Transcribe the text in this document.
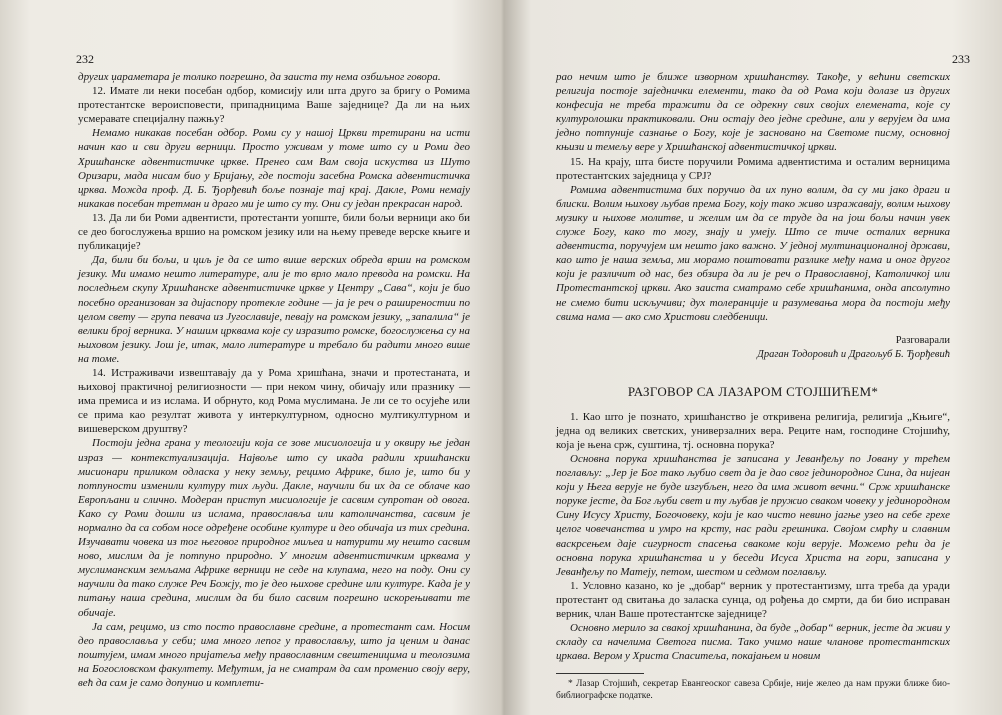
232

других џараметара је толико погрешно, да заиста ту нема озбиљног говора.

12. Имате ли неки посебан одбор, комисију или шта друго за бригу о Ромима протестантске вероисповести, припадницима Ваше заједнице? Да ли на њих усмеравате специјалну пажњу?

Немамо никакав посебан одбор. Роми су у нашој Цркви третирани на исти начин као и сви други верници. Просто уживам у томе што су и Роми део Хришћанске адвентистичке цркве. Пренео сам Вам своја искуства из Шуто Оризари, мада нисам био у Бријању, где постоји засебна Ромска адвентистичка црква. Можда проф. Д. Б. Ђорђевић боље познаје тај крај. Дакле, Роми немају никакав посебан третман и драго ми је што су ту. Они су један прекрасан народ.

13. Да ли би Роми адвентисти, протестанти уопште, били бољи верници ако би се део богослужења вршио на ромском језику или на њему преведе верске књиге и публикације?

Да, били би бољи, и циљ је да се што више верских обреда врши на ромском језику. Ми имамо нешто литературе, али је то врло мало превода на ромски. На последњем скупу Хришћанске адвентистичке цркве у Центру „Сава“, који је био посебно организован за дијаспору протекле године — ја је реч о раширеностии по целом свету — група певача из Југославије, певају на ромском језику, „запалила“ је велики број верника. У нашим црквама које су изразито ромске, богослужења су на њиховом језику. Још је, итак, мало литературе и требало би радити много више на томе.

14. Истраживачи извештавају да у Рома хришћана, значи и протестаната, и њиховој практичној религиозности — при неком чину, обичају или празнику — има премиса и из ислама. И обрнуто, код Рома муслимана. Је ли се то осујеће или се прима као резултат живота у интеркултурном, односно мултикултурном и вишеверском друштву?

Постоји једна грана у теологији која се зове мисиологија и у оквиру ње један израз — контекстуализација. Највоље што су икада радили хришћански мисионари приликом одласка у неку земљу, рецимо Африке, било је, што би у потпуности изменили културу тих људи. Дакле, научили би их да се облаче као Европљани и слично. Модеран приступ мисиологије је сасвим супротан од овога. Како су Роми дошли из ислама, православља или католичанства, сасвим је нормално да са собом носе одређене особине културе и део обичаја из тих средина. Изучавати човека из тог његовог природног миљеа и натурити му нешто сасвим ново, мислим да је потпуно природно. У многим адвентистичким црквама у муслиманским земљама Африке верници не седе на клупама, него на поду. Они су научили да тако служе Реч Божју, то је део њихове средине или културе. Када је у питању наша средина, мислим да би било сасвим погрешно искорењивати те обичаје.

Ја сам, рецимо, из сто посто православне средине, а протестант сам. Носим део православља у себи; има много лепог у православљу, што ја ценим и данас поштујем, имам много пријатеља међу православним свештеницима и теолозима на Богословском факултету. Међутим, ја не сматрам да сам променио своју веру, већ да сам је само допунио и комплети-

233

рао нечим што је ближе изворном хришћанству. Такође, у већини светских религија постоје заједнички елементи, тако да од Рома који долазе из других конфесија не треба тражити да се одрекну свих својих елемената, које су културолошки практиковали. Они остају део једне средине, али у верујем да има једно потпуније сазнање о Богу, које је засновано на Светоме писму, основној књизи и темељу вере у Хришћанској адвентистичкој цркви.

15. На крају, шта бисте поручили Ромима адвентистима и осталим верницима протестантских заједница у СРЈ?

Ромима адвентистима бих поручио да их пуно волим, да су ми јако драги и блиски. Волим њихову љубав према Богу, коју тако живо изражавају, волим њихову музику и њихове молитве, и желим им да се труде да на још бољи начин увек служе Богу, како то могу, знају и умеју. Што се тиче осталих верника адвентиста, поручујем им нешто јако важно. У једној мултинационалној држави, као што је наша земља, ми морамо поштовати разлике међу нама и оног другог који је различит од нас, без обзира да ли је реч о Православној, Католичкој или Протестантској цркви. Ако заиста сматрамо себе хришћанима, онда апсолутно не смемо бити искључиви; дух толеранције и разумевања мора да постоји међу свима нама — ако смо Христови следбеници.

Разговарали

Драган Тодоровић и Драгољуб Б. Ђорђевић

РАЗГОВОР СА ЛАЗАРОМ СТОЈШИЋЕМ*

1. Као што је познато, хришћанство је откривена религија, религија „Књиге“, једна од великих светских, универзалних вера. Реците нам, господине Стојшићу, која је њена срж, суштина, тј. основна порука?

Основна порука хришћанства је записана у Јеванђељу по Јовану у трећем поглављу: „Јер је Бог тако љубио свет да је дао свог јединородног Сина, да нијеан који у Њега верује не буде изгубљен, него да има живот вечни.“ Срж хришћанске поруке јесте, да Бог љуби свет и ту љубав је пружио сваком човеку у јединородном Сину Исусу Христу, Богочовеку, који је као чисто невино јагње узео на себе грехе целог човечанства и умро на крсту, нас ради грешника. Својом смрћу и славним васкрсењем даје сигурност спасења свакоме који верује. Можемо рећи да је основна порука хришћанства и у беседи Исуса Христа на гори, записана у Јеванђељу по Матеју, петом, шестом и седмом поглављу.

1. Условно казано, ко је „добар“ верник у протестантизму, шта треба да уради протестант од свитања до заласка сунца, од рођења до смрти, да би био исправан верник, члан Ваше протестантске заједнице?

Основно мерило за свакој хришћанина, да буде „добар“ верник, јесте да живи у складу са начелима Светога писма. Тако учимо наше чланове протестантских цркава. Вером у Христа Спаситеља, покајањем и новим

* Лазар Стојшић, секретар Евангеоског савеза Србије, није желео да нам пружи ближе био-библиографске податке.
